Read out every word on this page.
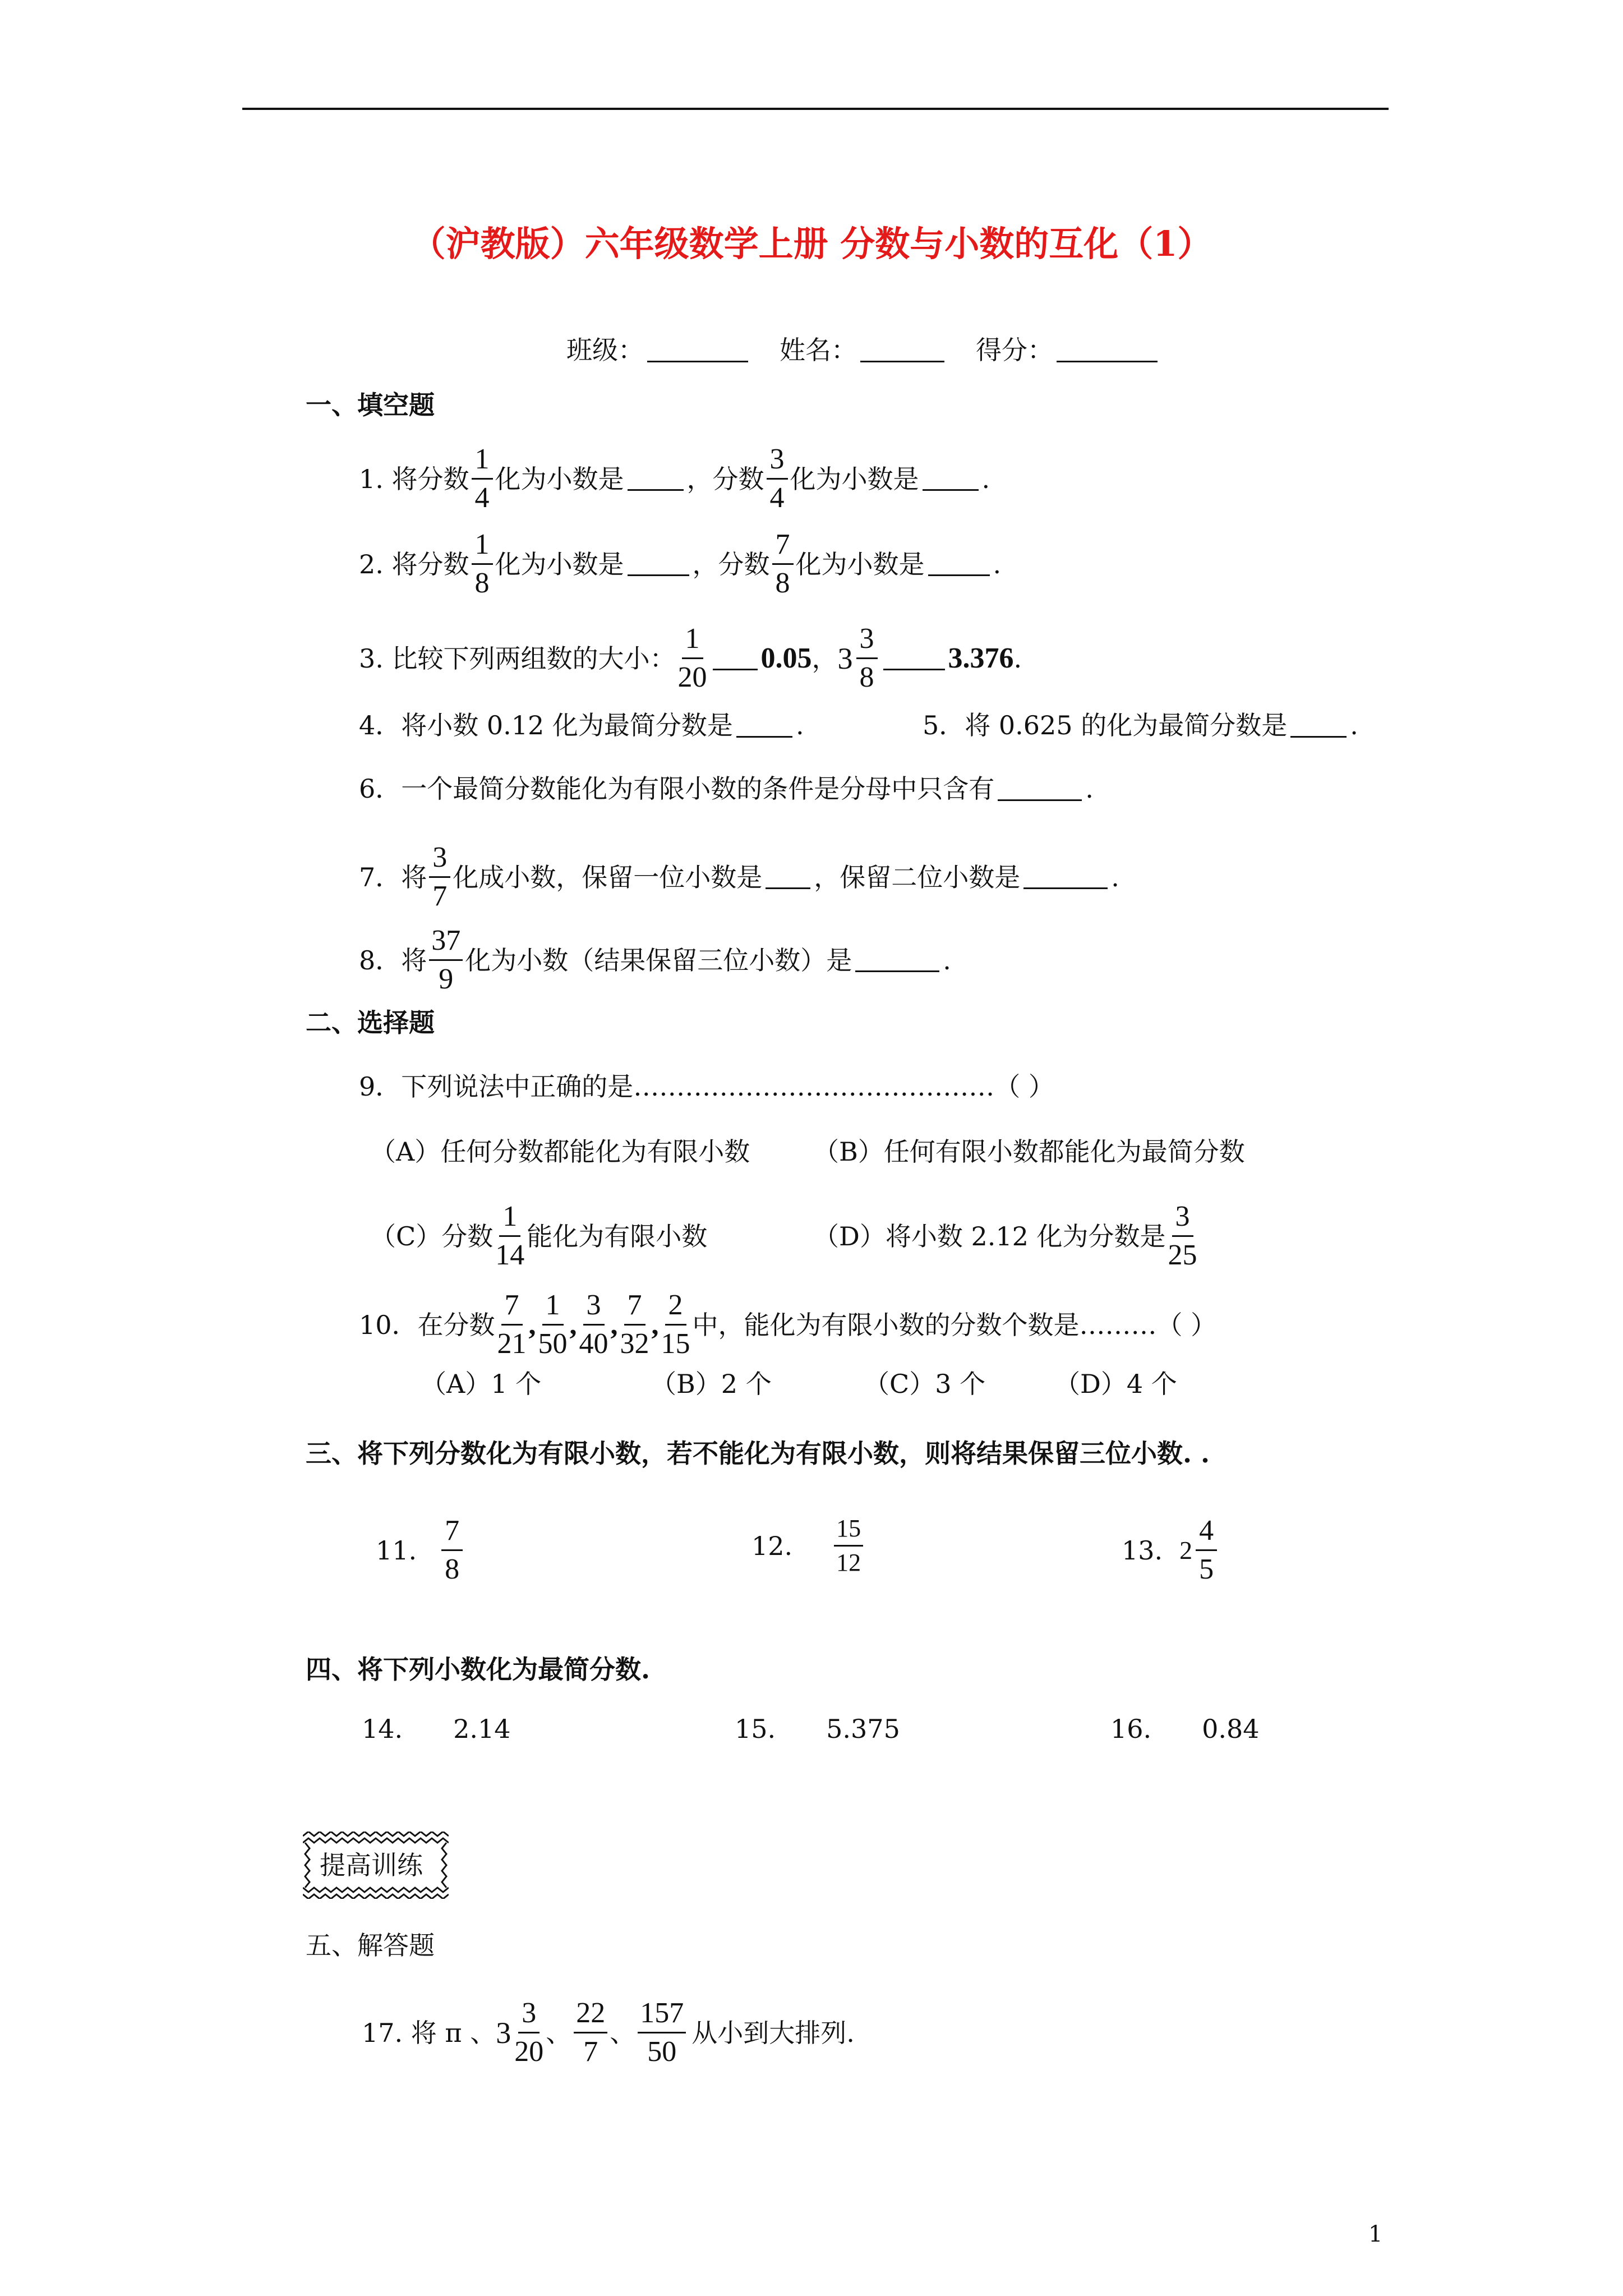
（沪教版）六年级数学上册 分数与小数的互化（1）
班级：	姓名：	得分：
一、填空题
1. 将分数 $\frac{1}{4}$ 化为小数是 ，分数 $\frac{3}{4}$ 化为小数是 .
2. 将分数 $\frac{1}{8}$ 化为小数是	，分数 $\frac{7}{8}$ 化为小数是	.
3. 比较下列两组数的大小： $\frac{1}{20} 0.05$ ， $3 \frac{3}{8} 3.376$ .
4．将小数 0.12 化为最简分数是 .	5．将 0.625 的化为最简分数是 .
6．一个最简分数能化为有限小数的条件是分母中只含有	.
7．将 $\frac{3}{7}$ 化成小数，保留一位小数是 ，保留二位小数是	.
8．将 $\frac{37}{9}$ 化为小数（结果保留三位小数）是	.
二、选择题
9．下列说法中正确的是……………………………………（ ）
（A）任何分数都能化为有限小数 （B）任何有限小数都能化为最简分数
（C）分数 $\frac{1}{14}$ 能化为有限小数	（D）将小数 2.12 化为分数是 $\frac{3}{25}$
10．在分数 $\frac{7}{21}$ , $\frac{1}{50}$ , $\frac{3}{40}$ , $\frac{7}{32}$ , $\frac{2}{15}$ 中，能化为有限小数的分数个数是………（ ）
（A）1 个	（B）2 个	（C）3 个	（D）4 个
三、将下列分数化为有限小数，若不能化为有限小数，则将结果保留三位小数. .
11. $\frac{7}{8}$	12. $\frac{15}{12}$	13. $2 \frac{4}{5}$
四、将下列小数化为最简分数.
14. 2.14	15. 5.375	16. 0.84
提高训练
五、解答题
17. 将 π 、 $3 \frac{3}{20}$ 、 $\frac{22}{7}$ 、 $\frac{157}{50}$ 从小到大排列.
1
